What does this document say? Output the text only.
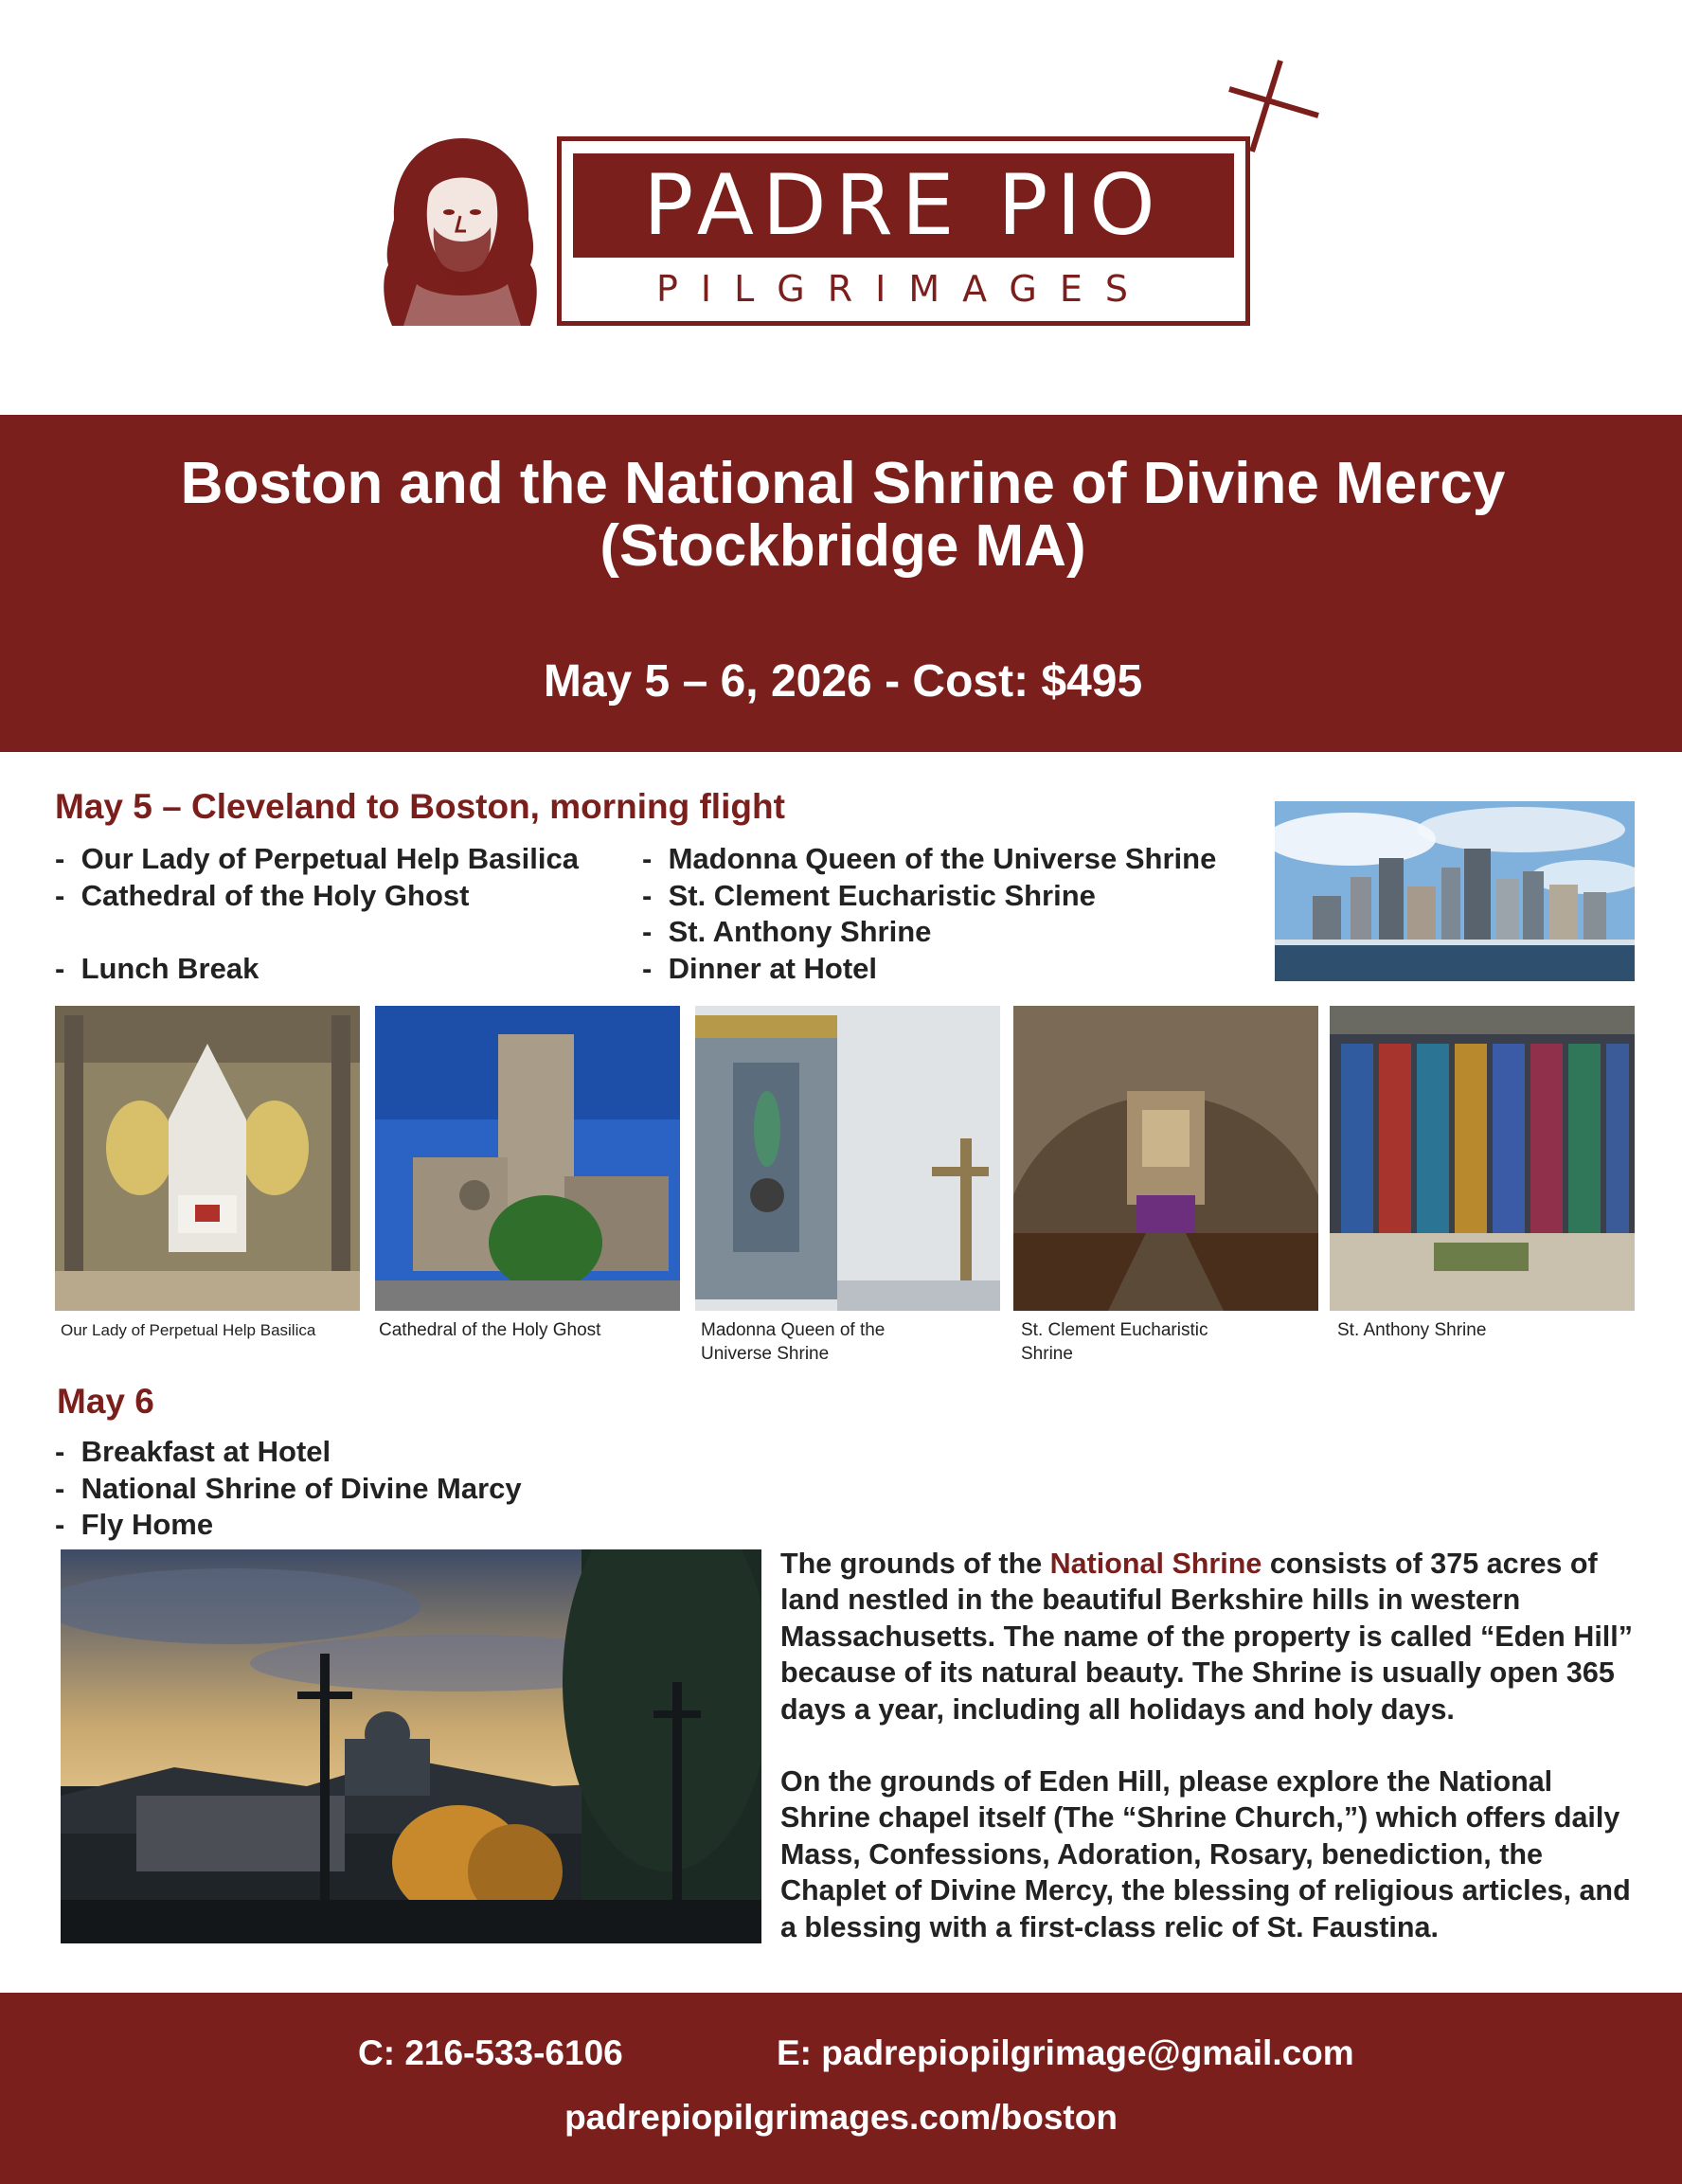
PADRE PIO
PILGRIMAGES
Boston and the National Shrine of Divine Mercy
(Stockbridge MA)
May 5 – 6, 2026 - Cost: $495
May 5 – Cleveland to Boston, morning flight
- Our Lady of Perpetual Help Basilica
- Cathedral of the Holy Ghost
- Lunch Break
- Madonna Queen of the Universe Shrine
- St. Clement Eucharistic Shrine
- St. Anthony Shrine
- Dinner at Hotel
Our Lady of Perpetual Help Basilica	Cathedral of the Holy Ghost	Madonna Queen of the Universe Shrine
St. Clement Eucharistic Shrine
St. Anthony Shrine
May 6
- Breakfast at Hotel
- National Shrine of Divine Marcy
- Fly Home

The grounds of the National Shrine consists of 375 acres of land nestled in the beautiful Berkshire hills in western Massachusetts. The name of the property is called “Eden Hill” because of its natural beauty. The Shrine is usually open 365 days a year, including all holidays and holy days.

On the grounds of Eden Hill, please explore the National Shrine chapel itself (The “Shrine Church,”) which offers daily Mass, Confessions, Adoration, Rosary, benediction, the Chaplet of Divine Mercy, the blessing of religious articles, and a blessing with a first-class relic of St. Faustina.

C: 216-533-6106	E: padrepiopilgrimage@gmail.com
padrepiopilgrimages.com/boston
